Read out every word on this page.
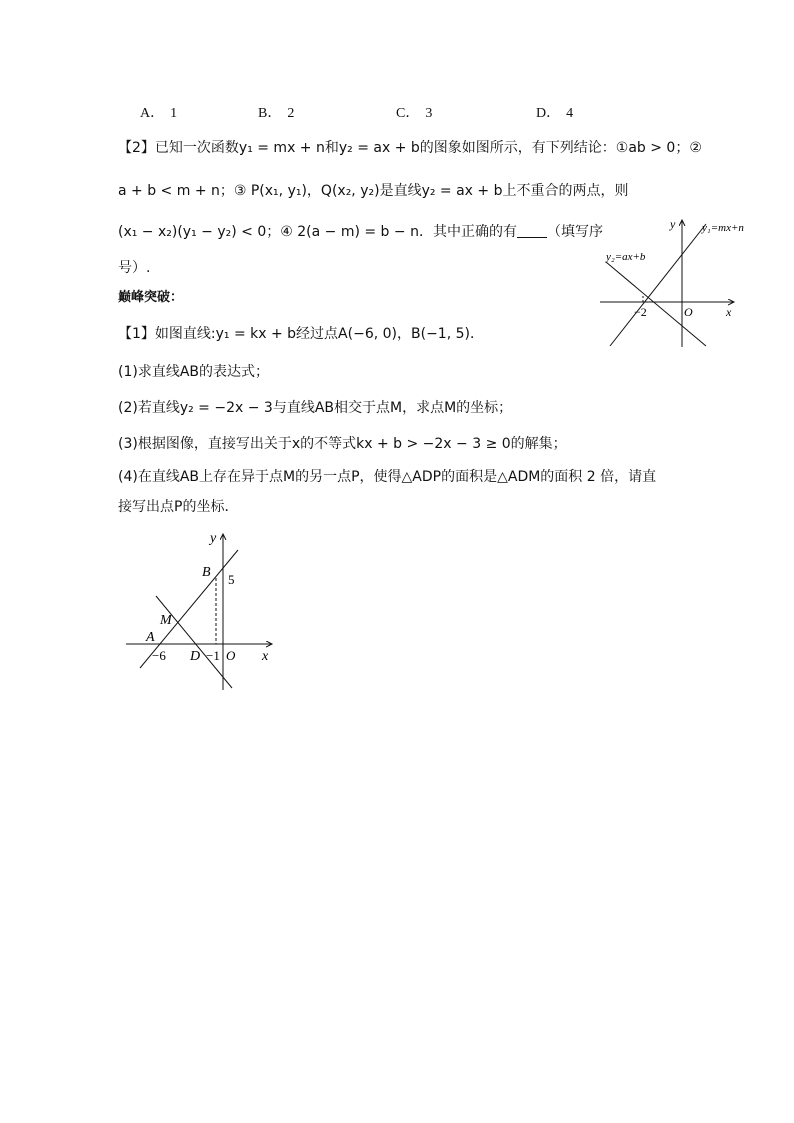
A． 1	B． 2	C． 3	D． 4
【2】已知一次函数y₁ = mx + n和y₂ = ax + b的图象如图所示，有下列结论：①ab > 0；②
a + b < m + n；③ P(x₁, y₁)，Q(x₂, y₂)是直线y₂ = ax + b上不重合的两点，则
(x₁ − x₂)(y₁ − y₂) < 0；④ 2(a − m) = b − n．其中正确的有 （填写序
号）.
y
x
O
−2
y₁=mx+n
y₂=ax+b
巅峰突破：
【1】如图直线:y₁ = kx + b经过点A(−6, 0)，B(−1, 5)．
(1)求直线AB的表达式；
(2)若直线y₂ = −2x − 3与直线AB相交于点M，求点M的坐标；
(3)根据图像，直接写出关于x的不等式kx + b > −2x − 3 ≥ 0的解集；
(4)在直线AB上存在异于点M的另一点P，使得△ADP的面积是△ADM的面积 2 倍，请直
接写出点P的坐标．
y
x
O
B 5
M
A
−6 D −1
